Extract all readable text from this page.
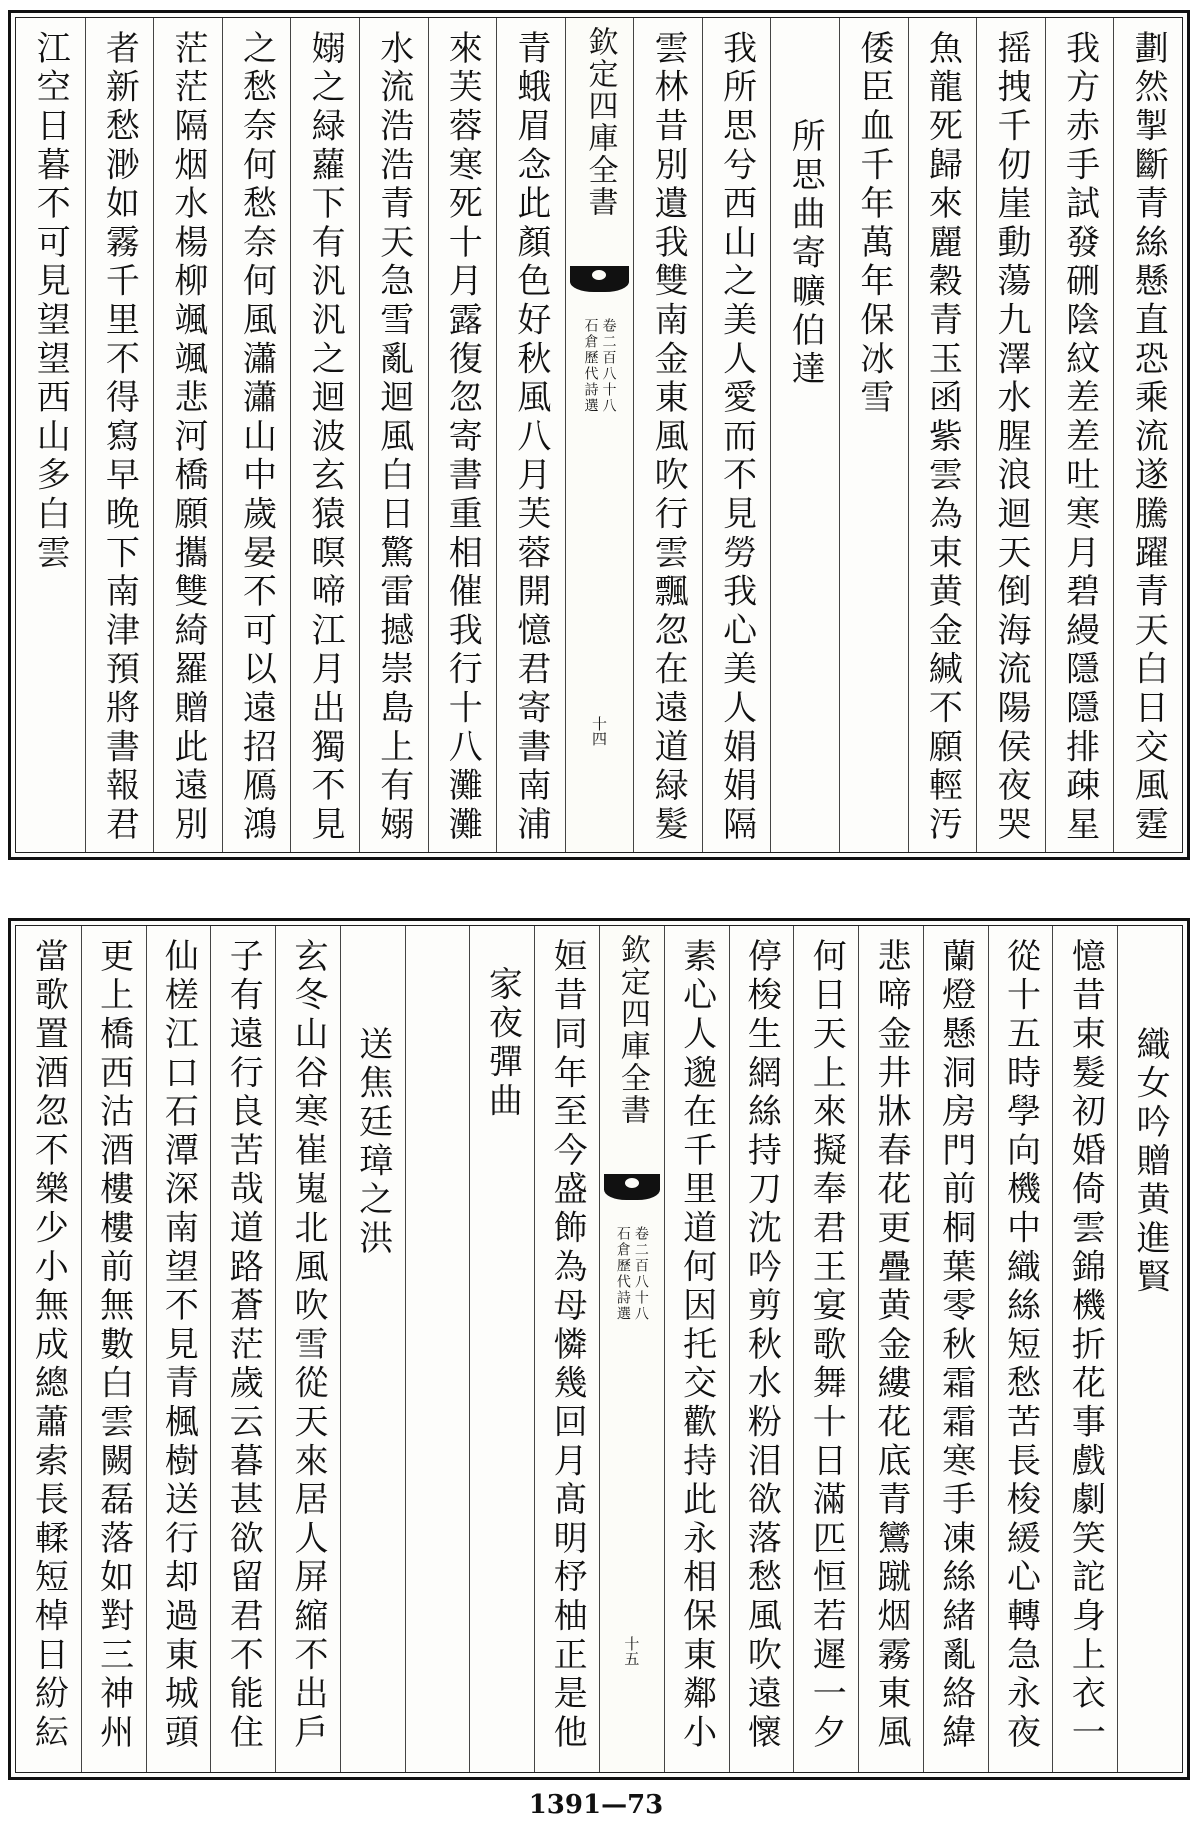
江空日暮不可見望望西山多白雲 者新愁渺如霧千里不得寫早晚下南津預將書報君 茫茫隔烟水楊柳颯颯悲河橋願攜雙綺羅贈此遠別 之愁奈何愁奈何風瀟瀟山中歲晏不可以遠招鴈鴻 嫋之緑蘿下有汎汎之迴波玄猿暝啼江月出獨不見 水流浩浩青天急雪亂迴風白日驚雷撼崇島上有嫋 來芙蓉寒死十月露復忽寄書重相催我行十八灘灘 青蛾眉念此顏色好秋風八月芙蓉開憶君寄書南浦 欽定四庫全書
石倉歷代詩選 卷二百八十八
十四 雲林昔別遺我雙南金東風吹行雲飄忽在遠道緑髮 我所思兮西山之美人愛而不見勞我心美人娟娟隔 所思曲寄曠伯達 倭臣血千年萬年保冰雪 魚龍死歸來麗穀青玉函紫雲為束黄金緘不願輕汚 摇拽千仞崖動蕩九澤水腥浪迴天倒海流陽侯夜哭 我方赤手試發硎陰紋差差吐寒月碧縵隱隱排疎星 劃然掣斷青絲懸直恐乘流遂騰躍青天白日交風霆
當歌置酒忽不樂少小無成總蕭索長輮短棹日紛紜 更上橋西沽酒樓樓前無數白雲闕磊落如對三神州 仙槎江口石潭深南望不見青楓樹送行却過東城頭 子有遠行良苦哉道路蒼茫歲云暮甚欲留君不能住 玄冬山谷寒崔嵬北風吹雪從天來居人屏縮不出戶 送焦廷璋之洪	家夜彈曲 姮昔同年至今盛飾為母憐幾回月髙明杼柚正是他 欽定四庫全書
石倉歷代詩選 卷二百八十八
十五 素心人邈在千里道何因托交歡持此永相保東鄰小 停梭生網絲持刀沈吟剪秋水粉泪欲落愁風吹遠懷 何日天上來擬奉君王宴歌舞十日滿匹恒若遲一夕 悲啼金井牀春花更疊黄金縷花底青鸞蹴烟霧東風 蘭燈懸洞房門前桐葉零秋霜霜寒手凍絲緒亂絡緯 從十五時學向機中織絲短愁苦長梭緩心轉急永夜 憶昔束髮初婚倚雲錦機折花事戲劇笑詑身上衣一 織女吟贈黄進賢
1391—73
